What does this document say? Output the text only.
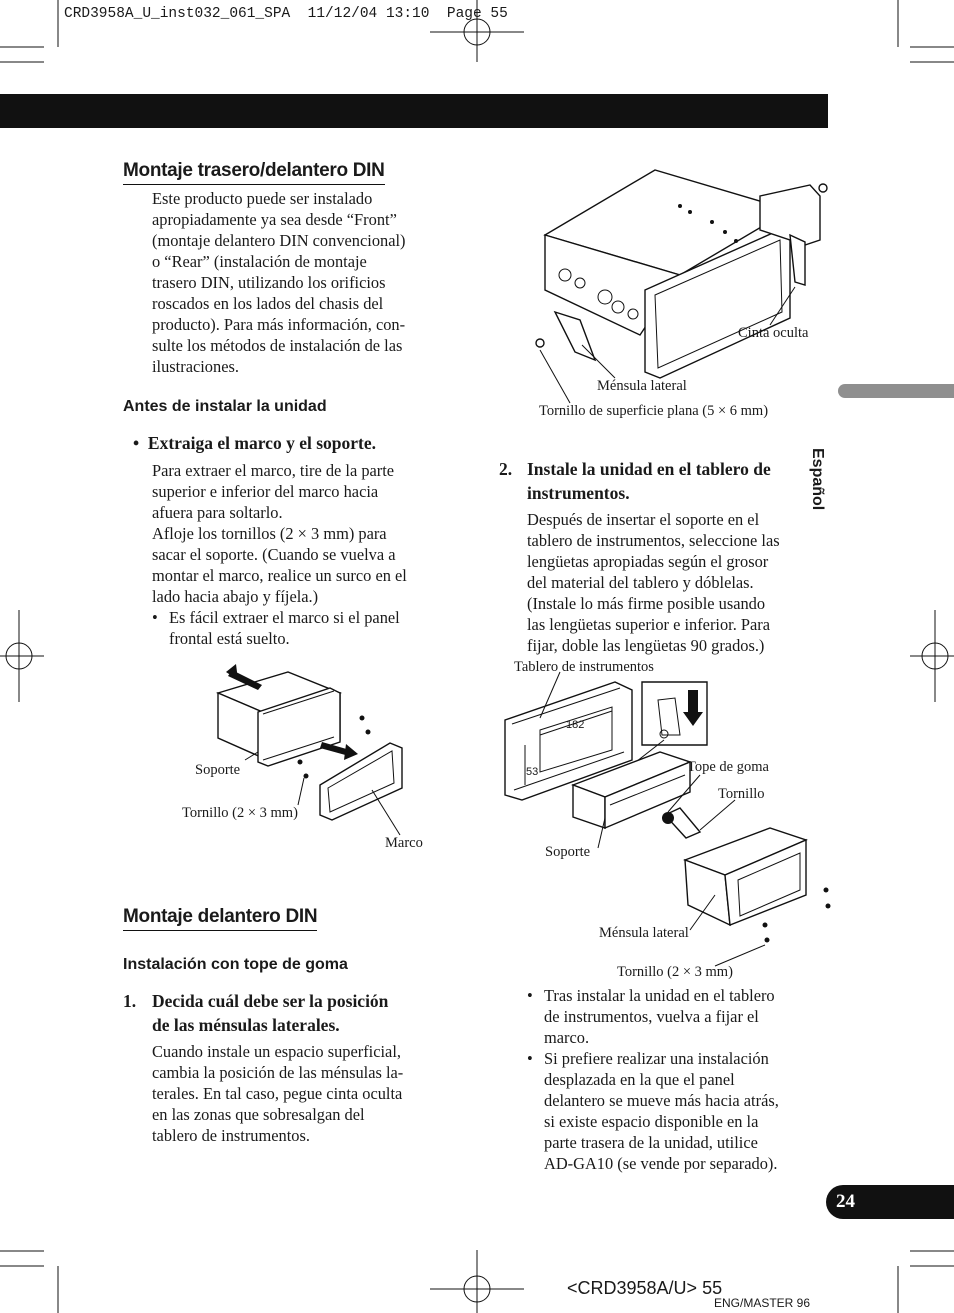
CRD3958A_U_inst032_061_SPA  11/12/04 13:10  Page 55
Montaje trasero/delantero DIN
Este producto puede ser instalado
apropiadamente ya sea desde “Front”
(montaje delantero DIN convencional)
o “Rear” (instalación de montaje
trasero DIN, utilizando los orificios
roscados en los lados del chasis del
producto). Para más información, con-
sulte los métodos de instalación de las
ilustraciones.
Antes de instalar la unidad
•  Extraiga el marco y el soporte.
Para extraer el marco, tire de la parte
superior e inferior del marco hacia
afuera para soltarlo.
Afloje los tornillos (2 × 3 mm) para
sacar el soporte. (Cuando se vuelva a
montar el marco, realice un surco en el
lado hacia abajo y fíjela.)
• Es fácil extraer el marco si el panel
frontal está suelto.
Soporte
Tornillo (2 × 3 mm)
Marco
Montaje delantero DIN
Instalación con tope de goma
1. Decida cuál debe ser la posición
de las ménsulas laterales.
Cuando instale un espacio superficial,
cambia la posición de las ménsulas la-
terales. En tal caso, pegue cinta oculta
en las zonas que sobresalgan del
tablero de instrumentos.
Cinta oculta
Ménsula lateral
Tornillo de superficie plana (5 × 6 mm)
2. Instale la unidad en el tablero de
instrumentos.
Después de insertar el soporte en el
tablero de instrumentos, seleccione las
lengüetas apropiadas según el grosor
del material del tablero y dóblelas.
(Instale lo más firme posible usando
las lengüetas superior e inferior. Para
fijar, doble las lengüetas 90 grados.)
Tablero de instrumentos
182
53	Tope de goma
Tornillo
Soporte
Ménsula lateral
Tornillo (2 × 3 mm)
• Tras instalar la unidad en el tablero
de instrumentos, vuelva a fijar el
marco.
• Si prefiere realizar una instalación
desplazada en la que el panel
delantero se mueve más hacia atrás,
si existe espacio disponible en la
parte trasera de la unidad, utilice
AD-GA10 (se vende por separado).
Español
24
<CRD3958A/U> 55
ENG/MASTER 96
